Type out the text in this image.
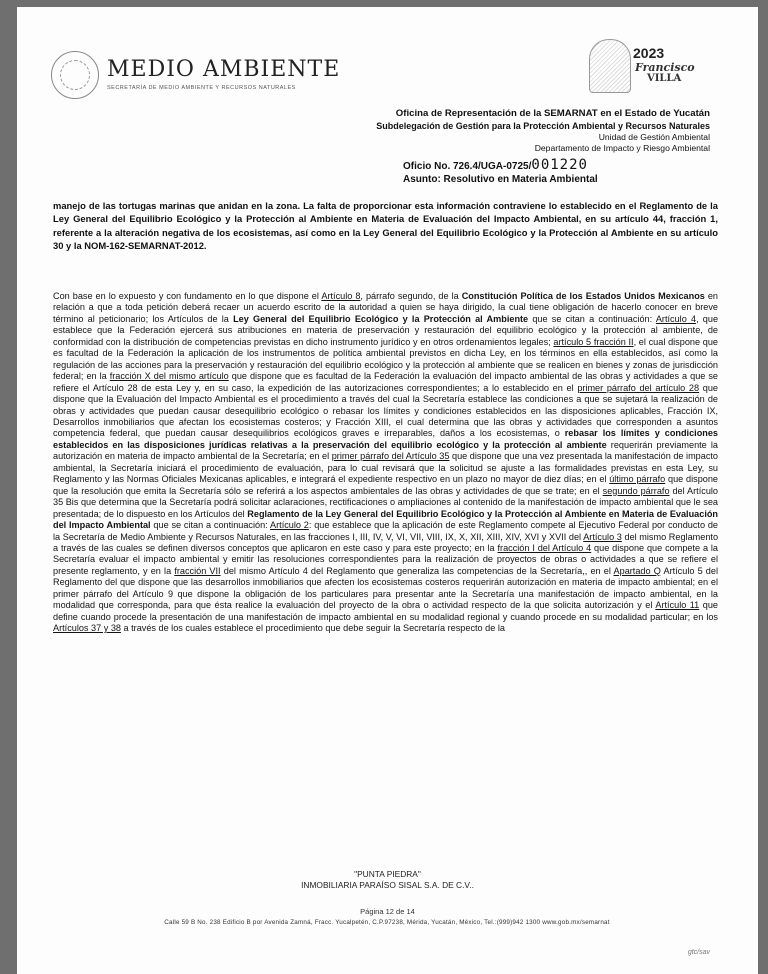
MEDIO AMBIENTE
SECRETARÍA DE MEDIO AMBIENTE Y RECURSOS NATURALES
2023
Francisco
VILLA
Oficina de Representación de la SEMARNAT en el Estado de Yucatán
Subdelegación de Gestión para la Protección Ambiental y Recursos Naturales
Unidad de Gestión Ambiental
Departamento de Impacto y Riesgo Ambiental
Oficio No. 726.4/UGA-0725/001220
Asunto: Resolutivo en Materia Ambiental
manejo de las tortugas marinas que anidan en la zona. La falta de proporcionar esta información contraviene lo establecido en el Reglamento de la Ley General del Equilibrio Ecológico y la Protección al Ambiente en Materia de Evaluación del Impacto Ambiental, en su artículo 44, fracción 1, referente a la alteración negativa de los ecosistemas, así como en la Ley General del Equilibrio Ecológico y la Protección al Ambiente en su artículo 30 y la NOM-162-SEMARNAT-2012.
Con base en lo expuesto y con fundamento en lo que dispone el Artículo 8, párrafo segundo, de la Constitución Política de los Estados Unidos Mexicanos en relación a que a toda petición deberá recaer un acuerdo escrito de la autoridad a quien se haya dirigido, la cual tiene obligación de hacerlo conocer en breve término al peticionario; los Artículos de la Ley General del Equilibrio Ecológico y la Protección al Ambiente que se citan a continuación: Artículo 4, que establece que la Federación ejercerá sus atribuciones en materia de preservación y restauración del equilibrio ecológico y la protección al ambiente, de conformidad con la distribución de competencias previstas en dicho instrumento jurídico y en otros ordenamientos legales; artículo 5 fracción II, el cual dispone que es facultad de la Federación la aplicación de los instrumentos de política ambiental previstos en dicha Ley, en los términos en ella establecidos, así como la regulación de las acciones para la preservación y restauración del equilibrio ecológico y la protección al ambiente que se realicen en bienes y zonas de jurisdicción federal; en la fracción X del mismo artículo que dispone que es facultad de la Federación la evaluación del impacto ambiental de las obras y actividades a que se refiere el Artículo 28 de esta Ley y, en su caso, la expedición de las autorizaciones correspondientes; a lo establecido en el primer párrafo del artículo 28 que dispone que la Evaluación del Impacto Ambiental es el procedimiento a través del cual la Secretaría establece las condiciones a que se sujetará la realización de obras y actividades que puedan causar desequilibrio ecológico o rebasar los límites y condiciones establecidos en las disposiciones aplicables, Fracción IX, Desarrollos inmobiliarios que afectan los ecosistemas costeros; y Fracción XIII, el cual determina que las obras y actividades que corresponden a asuntos competencia federal, que puedan causar desequilibrios ecológicos graves e irreparables, daños a los ecosistemas, o rebasar los límites y condiciones establecidos en las disposiciones jurídicas relativas a la preservación del equilibrio ecológico y la protección al ambiente requerirán previamente la autorización en materia de impacto ambiental de la Secretaría; en el primer párrafo del Artículo 35 que dispone que una vez presentada la manifestación de impacto ambiental, la Secretaría iniciará el procedimiento de evaluación, para lo cual revisará que la solicitud se ajuste a las formalidades previstas en esta Ley, su Reglamento y las Normas Oficiales Mexicanas aplicables, e integrará el expediente respectivo en un plazo no mayor de diez días; en el último párrafo que dispone que la resolución que emita la Secretaría sólo se referirá a los aspectos ambientales de las obras y actividades de que se trate; en el segundo párrafo del Artículo 35 Bis que determina que la Secretaría podrá solicitar aclaraciones, rectificaciones o ampliaciones al contenido de la manifestación de impacto ambiental que le sea presentada; de lo dispuesto en los Artículos del Reglamento de la Ley General del Equilibrio Ecológico y la Protección al Ambiente en Materia de Evaluación del Impacto Ambiental que se citan a continuación: Artículo 2: que establece que la aplicación de este Reglamento compete al Ejecutivo Federal por conducto de la Secretaría de Medio Ambiente y Recursos Naturales, en las fracciones I, III, IV, V, VI, VII, VIII, IX, X, XII, XIII, XIV, XVI y XVII del Artículo 3 del mismo Reglamento a través de las cuales se definen diversos conceptos que aplicaron en este caso y para este proyecto; en la fracción I del Artículo 4 que dispone que compete a la Secretaría evaluar el impacto ambiental y emitir las resoluciones correspondientes para la realización de proyectos de obras o actividades a que se refiere el presente reglamento, y en la fracción VII del mismo Artículo 4 del Reglamento que generaliza las competencias de la Secretaría,, en el Apartado Q Artículo 5 del Reglamento del que dispone que las desarrollos inmobiliarios que afecten los ecosistemas costeros requerirán autorización en materia de impacto ambiental; en el primer párrafo del Artículo 9 que dispone la obligación de los particulares para presentar ante la Secretaría una manifestación de impacto ambiental, en la modalidad que corresponda, para que ésta realice la evaluación del proyecto de la obra o actividad respecto de la que solicita autorización y el Artículo 11 que define cuando procede la presentación de una manifestación de impacto ambiental en su modalidad regional y cuando procede en su modalidad particular; en los Artículos 37 y 38 a través de los cuales establece el procedimiento que debe seguir la Secretaría respecto de la
"PUNTA PIEDRA"
INMOBILIARIA PARAÍSO SISAL S.A. DE C.V..
Página 12 de 14
Calle 59 B No. 238 Edificio B por Avenida Zamná, Fracc. Yucalpetén, C.P.97238, Mérida, Yucatán, México, Tel.:(999)942 1300 www.gob.mx/semarnat
gtc/sav
